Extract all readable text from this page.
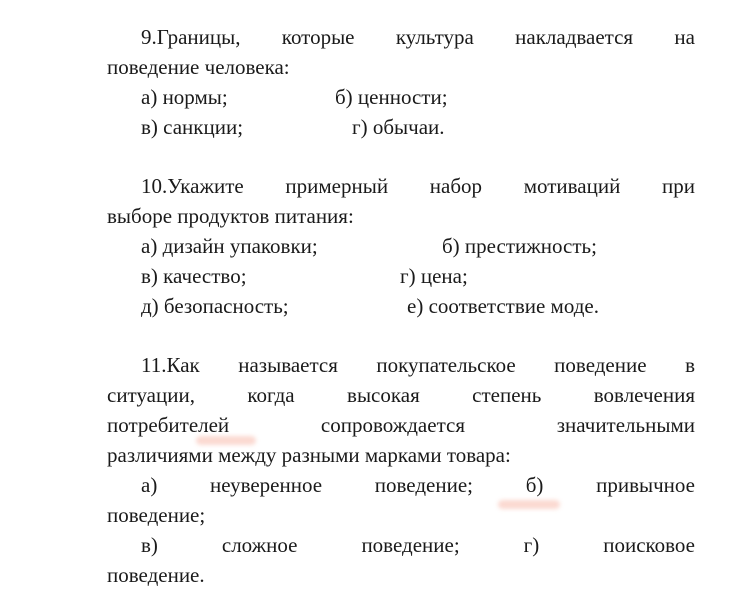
9.Границы, которые культура накладвается на

поведение человека:

а) нормы;	б) ценности;
в) санкции;	г) обычаи.

10.Укажите примерный набор мотиваций при

выборе продуктов питания:

а) дизайн упаковки;	б) престижность;
в) качество;	г) цена;
д) безопасность;	е) соответствие моде.

11.Как называется покупательское поведение в

ситуации, когда высокая степень вовлечения

потребителей сопровождается значительными

различиями между разными марками товара:

а) неуверенное поведение;	б) привычное

поведение;

в) сложное поведение;	г) поисковое

поведение.
